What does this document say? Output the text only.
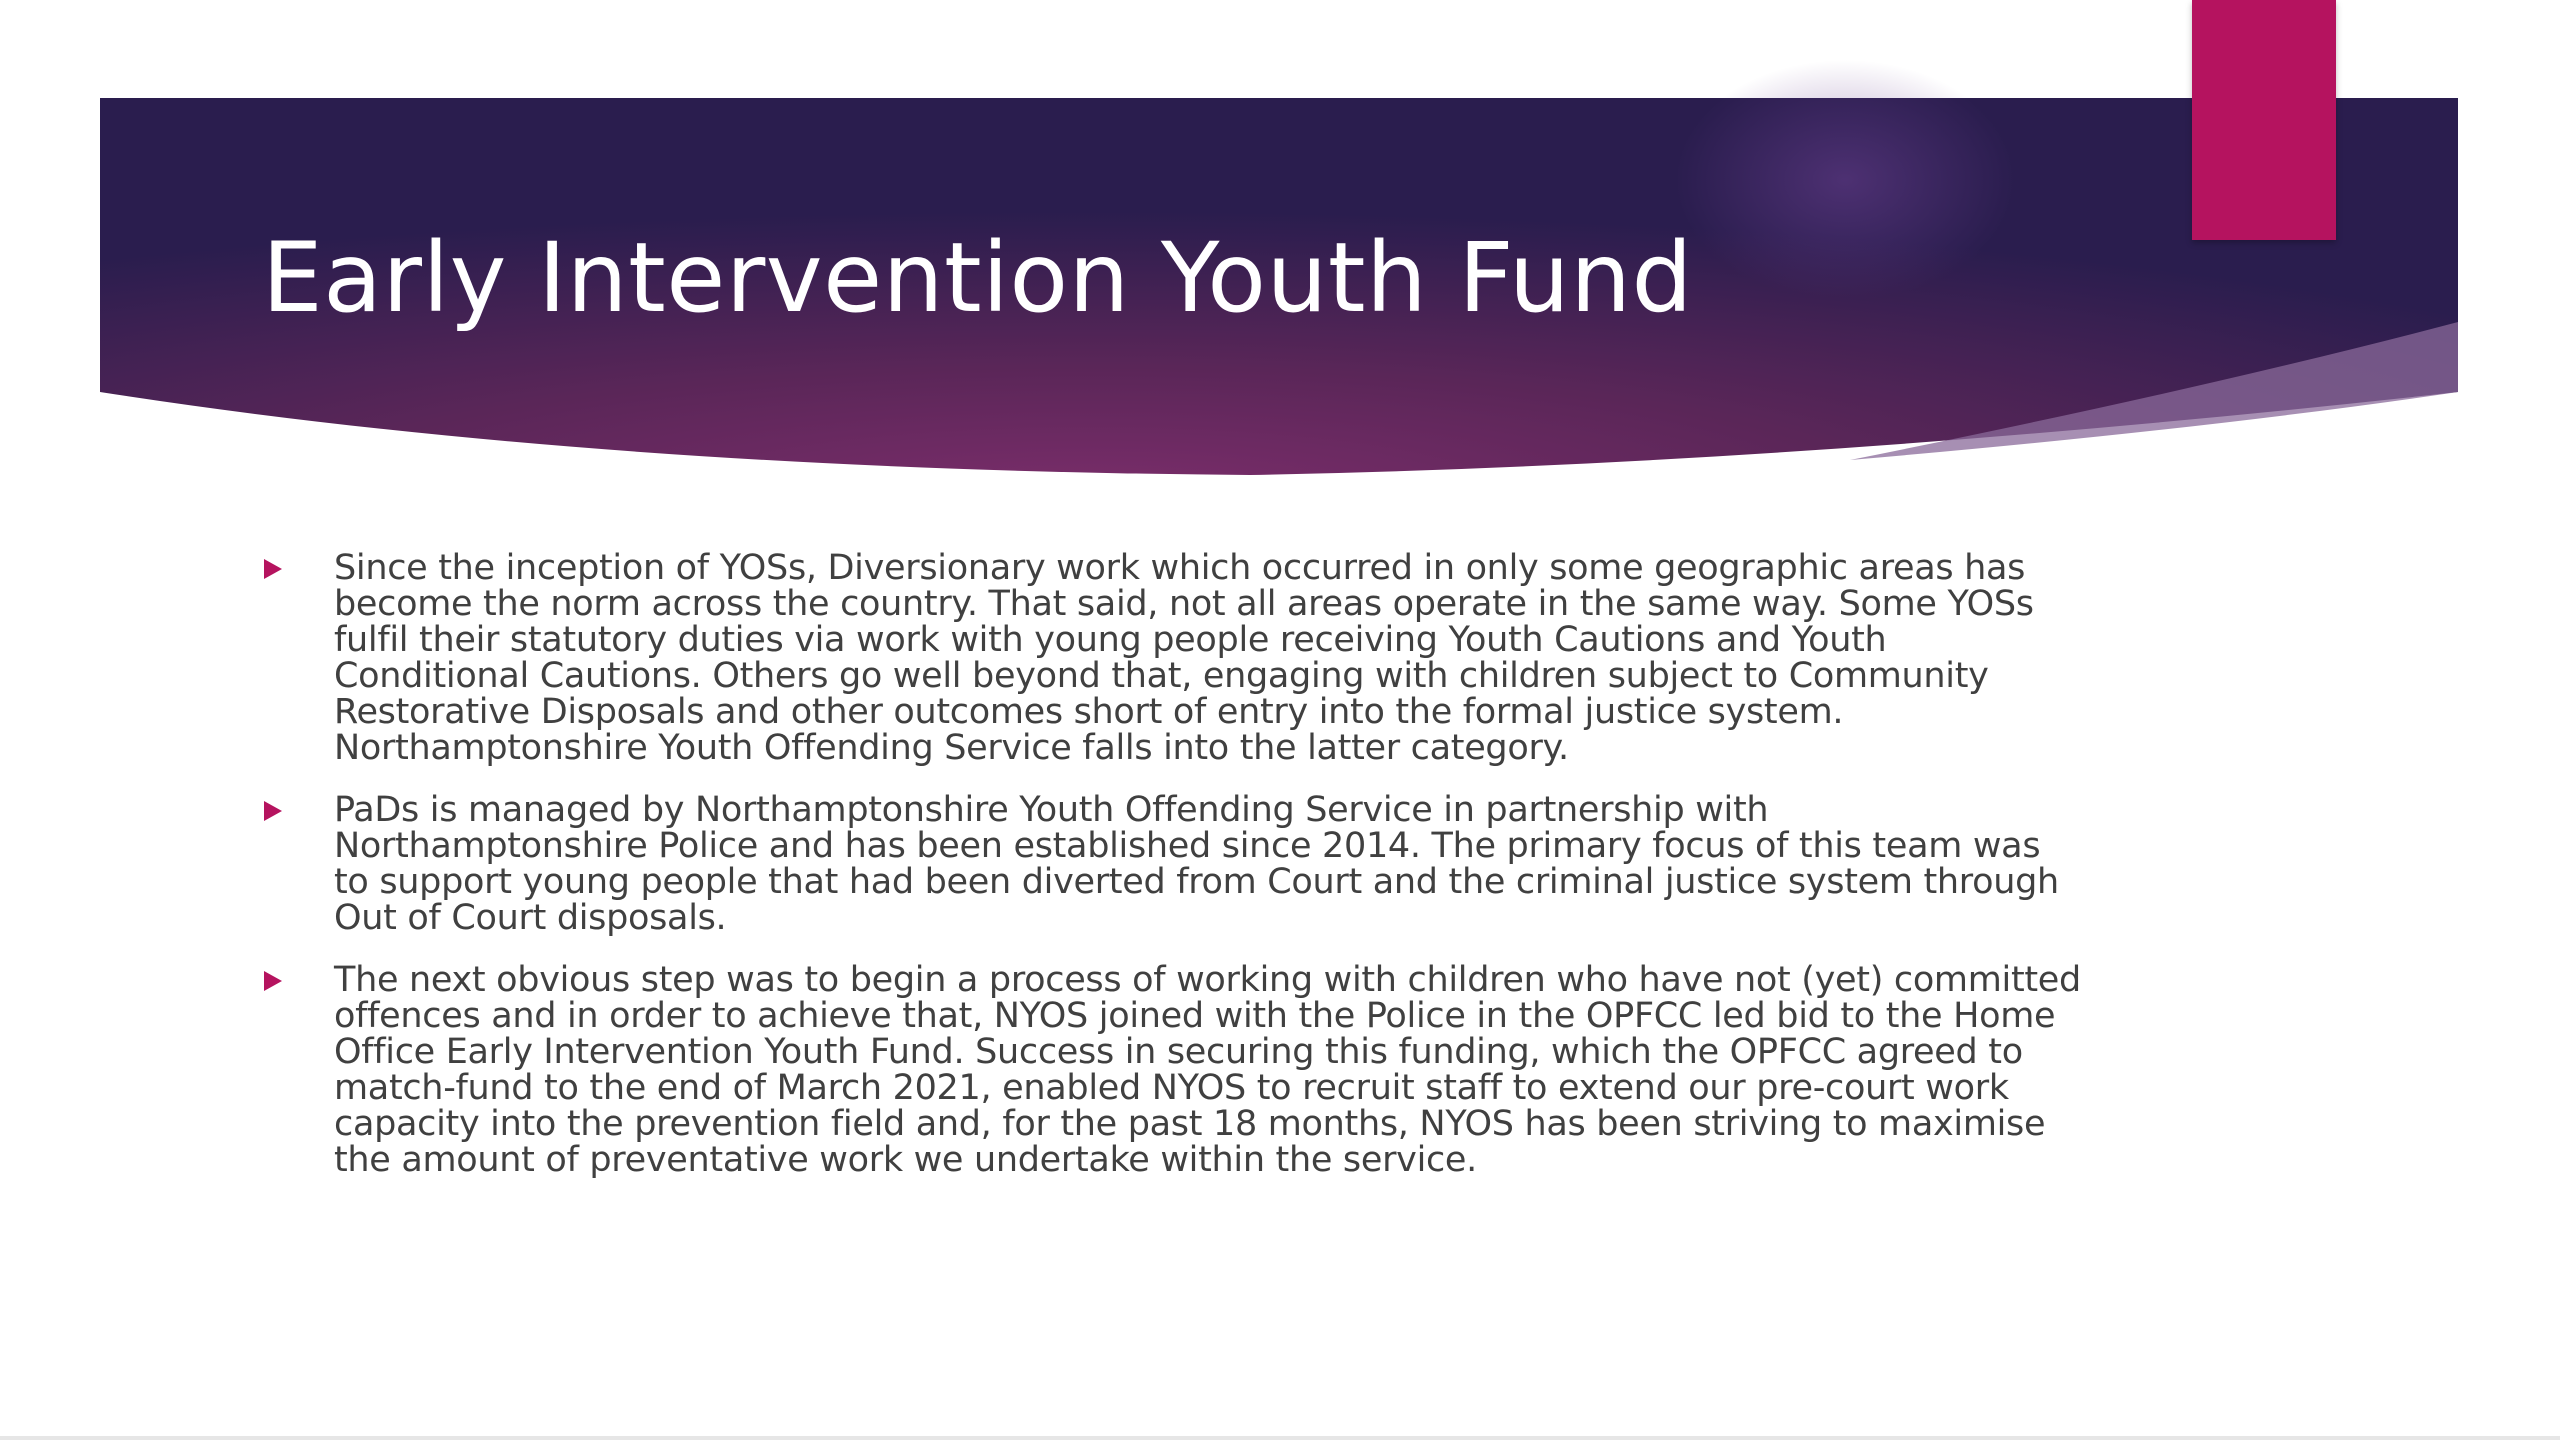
Early Intervention Youth Fund
Since the inception of YOSs, Diversionary work which occurred in only some geographic areas has become the norm across the country. That said, not all areas operate in the same way. Some YOSs fulfil their statutory duties via work with young people receiving Youth Cautions and Youth Conditional Cautions. Others go well beyond that, engaging with children subject to Community Restorative Disposals and other outcomes short of entry into the formal justice system. Northamptonshire Youth Offending Service falls into the latter category.
PaDs is managed by Northamptonshire Youth Offending Service in partnership with Northamptonshire Police and has been established since 2014. The primary focus of this team was to support young people that had been diverted from Court and the criminal justice system through Out of Court disposals.
The next obvious step was to begin a process of working with children who have not (yet) committed offences and in order to achieve that, NYOS joined with the Police in the OPFCC led bid to the Home Office Early Intervention Youth Fund. Success in securing this funding, which the OPFCC agreed to match-fund to the end of March 2021, enabled NYOS to recruit staff to extend our pre-court work capacity into the prevention field and, for the past 18 months, NYOS has been striving to maximise the amount of preventative work we undertake within the service.
